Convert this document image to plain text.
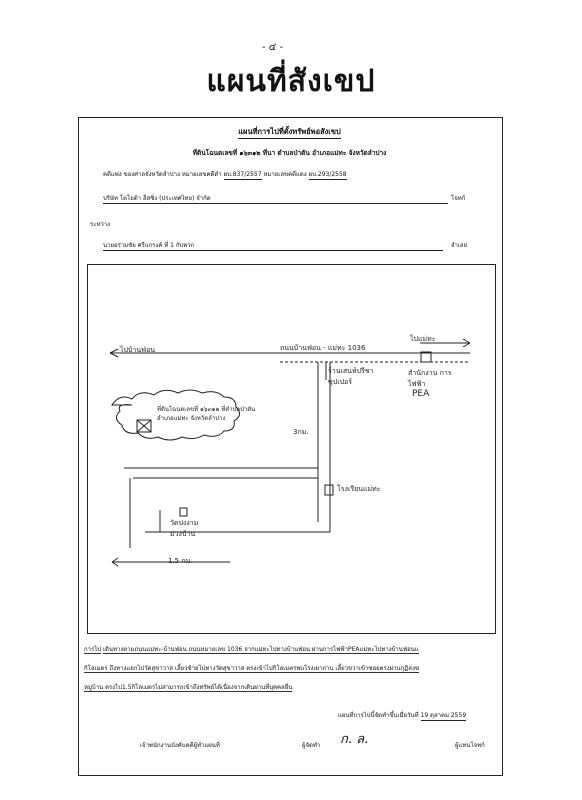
- ๔ -
แผนที่สังเขป
แผนที่การไปที่ตั้งทรัพย์พอสังเขป
ที่ดินโฉนดเลขที่ ๑๖๓๑๒ ที่นา ตำบลป่าตัน อำเภอแม่ทะ จังหวัดลำปาง
คดีแพ่ง ของศาลจังหวัดลำปาง หมายเลขคดีดำ ผบ.837/2557 หมายเลขคดีแดง ผบ.293/2558
บริษัท โตโยต้า ลีสซิ่ง (ประเทศไทย) จำกัด	โจทก์
ระหว่าง
นายอร่ามชัย ศรีแกรงค์ ที่ 1 กับพวก	จำเลย
ไปบ้านฟ่อน	ถนนบ้านฟ่อน - แม่ทะ 1036
ไปแม่ทะ
ร้านเสน่ห์ปรีชา ซุปเปอร์
สำนักงาน การไฟฟ้า
PEA
3กม.
โรงเรียนแม่ทะ
วัดปงงาม ม่วงบ้าน
1.5 กม.
ที่ดินโฉนดเลขที่ ๑๖๓๑๒ ที่ตำบลป่าตัน อำเภอแม่ทะ จังหวัดลำปาง
การไป เดินทางตามถนนแม่ทะ-บ้านฟ่อน ถนนหมายเลข 1036 จากแม่ทะไปทางบ้านฟ่อน ผ่านการไฟฟ้าPEAแม่ทะไปทางบ้านฟ่อนแ
กิโลเมตร ถึงทางแยกไปวัดสุขาวาส เลี้ยวซ้ายไปทางวัดสุขาวาส ตรงเข้าไปกิโลเมตรพบโรงเผาถ่าน เลี้ยวขวาเข้าซอยตรงผ่านกุฏิสงฆ
หมู่บ้าน ตรงไป1.5กิโลเมตรไม่สามารถเข้าถึงทรัพย์ได้เนื่องจากเดินผ่านที่บุคคลอื่น
แผนที่การไปนี้จัดทำขึ้นเมื่อวันที่ 19 ตุลาคม 2559
เจ้าพนักงานบังคับคดีผู้ทำแผนที่	ผู้จัดทำ ก. ล.	ผู้แทนโจทก์
